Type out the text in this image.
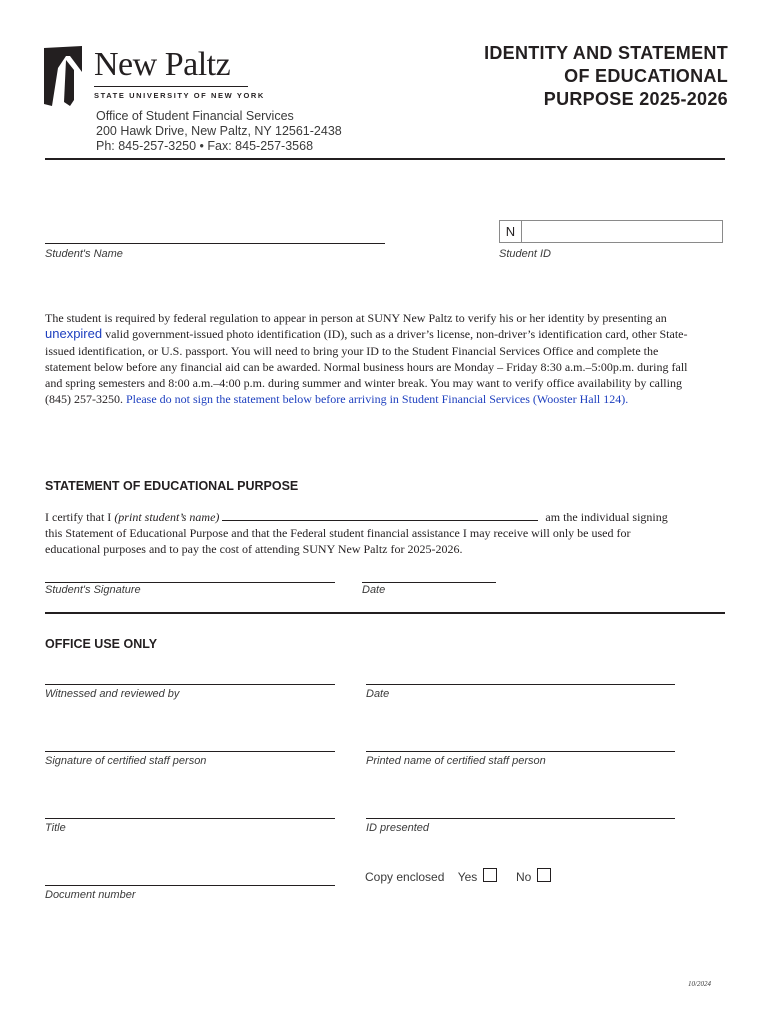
New Paltz
STATE UNIVERSITY OF NEW YORK
IDENTITY AND STATEMENT
OF EDUCATIONAL
PURPOSE 2025-2026
Office of Student Financial Services
200 Hawk Drive, New Paltz, NY 12561-2438
Ph: 845-257-3250 • Fax: 845-257-3568
Student's Name
N
Student ID
The student is required by federal regulation to appear in person at SUNY New Paltz to verify his or her identity by presenting an unexpired valid government-issued photo identification (ID), such as a driver’s license, non-driver’s identification card, other State-issued identification, or U.S. passport. You will need to bring your ID to the Student Financial Services Office and complete the statement below before any financial aid can be awarded. Normal business hours are Monday – Friday 8:30 a.m.–5:00p.m. during fall and spring semesters and 8:00 a.m.–4:00 p.m. during summer and winter break. You may want to verify office availability by calling (845) 257-3250. Please do not sign the statement below before arriving in Student Financial Services (Wooster Hall 124).
STATEMENT OF EDUCATIONAL PURPOSE
I certify that I (print student’s name)	am the individual signing
this Statement of Educational Purpose and that the Federal student financial assistance I may receive will only be used for educational purposes and to pay the cost of attending SUNY New Paltz for 2025-2026.
Student's Signature	Date
OFFICE USE ONLY
Witnessed and reviewed by	Date
Signature of certified staff person	Printed name of certified staff person
Title	ID presented
Document number
Copy enclosed Yes	No
10/2024
